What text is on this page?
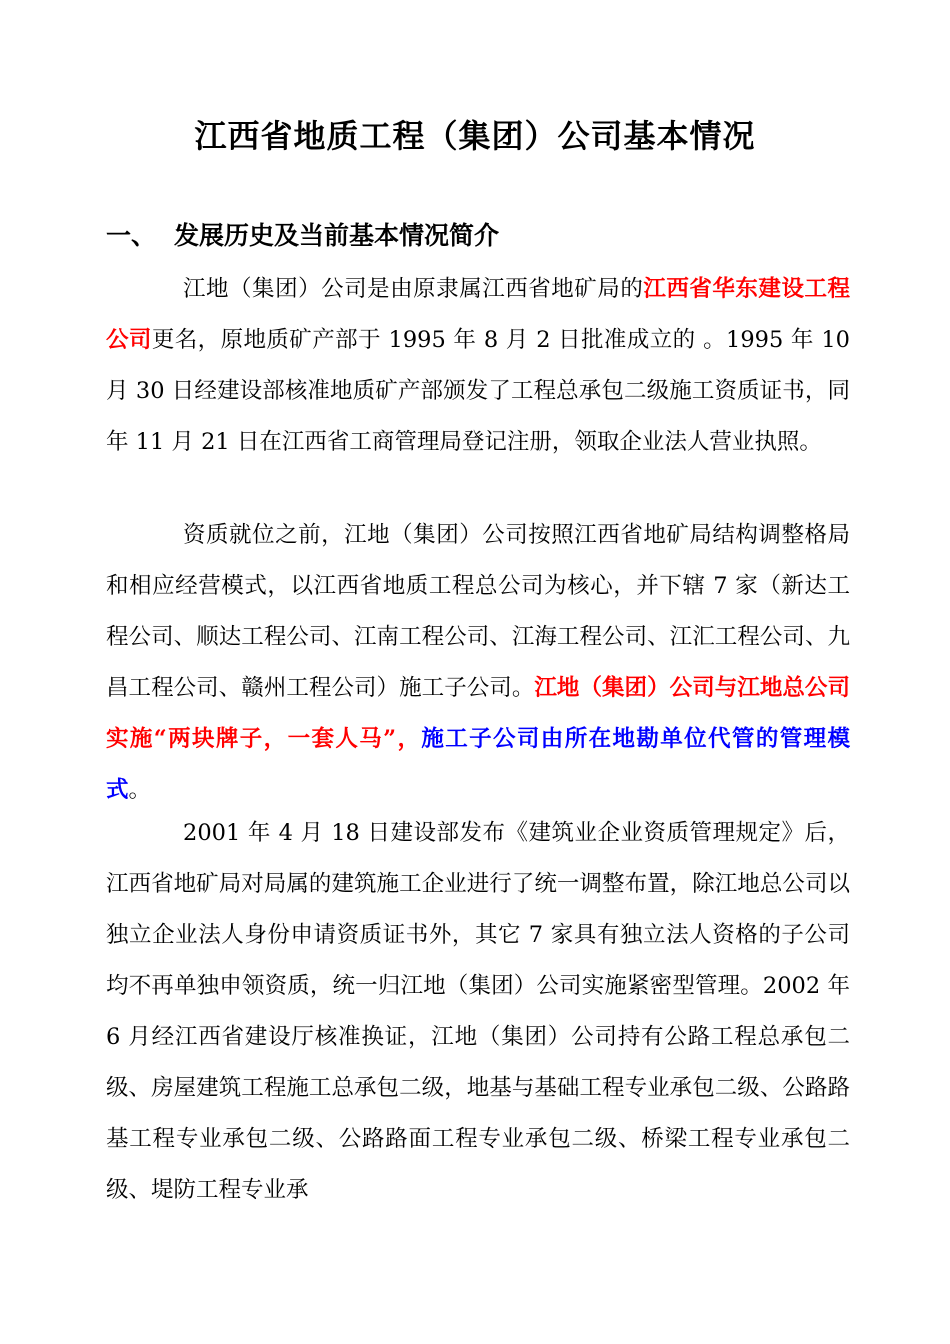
江西省地质工程（集团）公司基本情况
一、 发展历史及当前基本情况简介

江地（集团）公司是由原隶属江西省地矿局的江西省华东建设工程公司更名，原地质矿产部于 1995 年 8 月 2 日批准成立的 。1995 年 10 月 30 日经建设部核准地质矿产部颁发了工程总承包二级施工资质证书，同年 11 月 21 日在江西省工商管理局登记注册，领取企业法人营业执照。

资质就位之前，江地（集团）公司按照江西省地矿局结构调整格局和相应经营模式，以江西省地质工程总公司为核心，并下辖 7 家（新达工程公司、顺达工程公司、江南工程公司、江海工程公司、江汇工程公司、九昌工程公司、赣州工程公司）施工子公司。江地（集团）公司与江地总公司实施“两块牌子，一套人马”，施工子公司由所在地勘单位代管的管理模式。

2001 年 4 月 18 日建设部发布《建筑业企业资质管理规定》后，江西省地矿局对局属的建筑施工企业进行了统一调整布置，除江地总公司以独立企业法人身份申请资质证书外，其它 7 家具有独立法人资格的子公司均不再单独申领资质，统一归江地（集团）公司实施紧密型管理。2002 年 6 月经江西省建设厅核准换证，江地（集团）公司持有公路工程总承包二级、房屋建筑工程施工总承包二级，地基与基础工程专业承包二级、公路路基工程专业承包二级、公路路面工程专业承包二级、桥梁工程专业承包二级、堤防工程专业承
